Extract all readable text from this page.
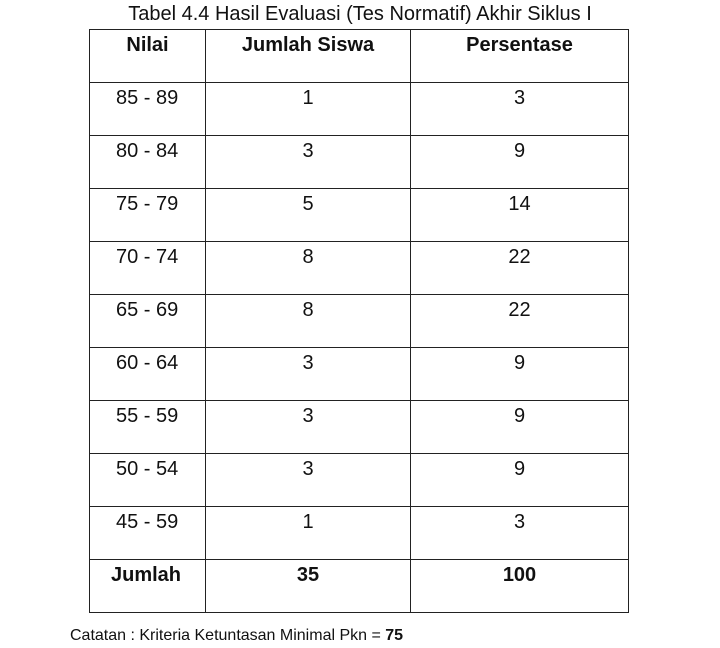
Tabel 4.4 Hasil Evaluasi (Tes Normatif) Akhir Siklus I
Nilai	Jumlah Siswa	Persentase
85 - 89	1	3
80 - 84	3	9
75 - 79	5	14
70 - 74	8	22
65 - 69	8	22
60 - 64	3	9
55 - 59	3	9
50 - 54	3	9
45 - 59	1	3
Jumlah	35	100
Catatan : Kriteria Ketuntasan Minimal Pkn = 75
